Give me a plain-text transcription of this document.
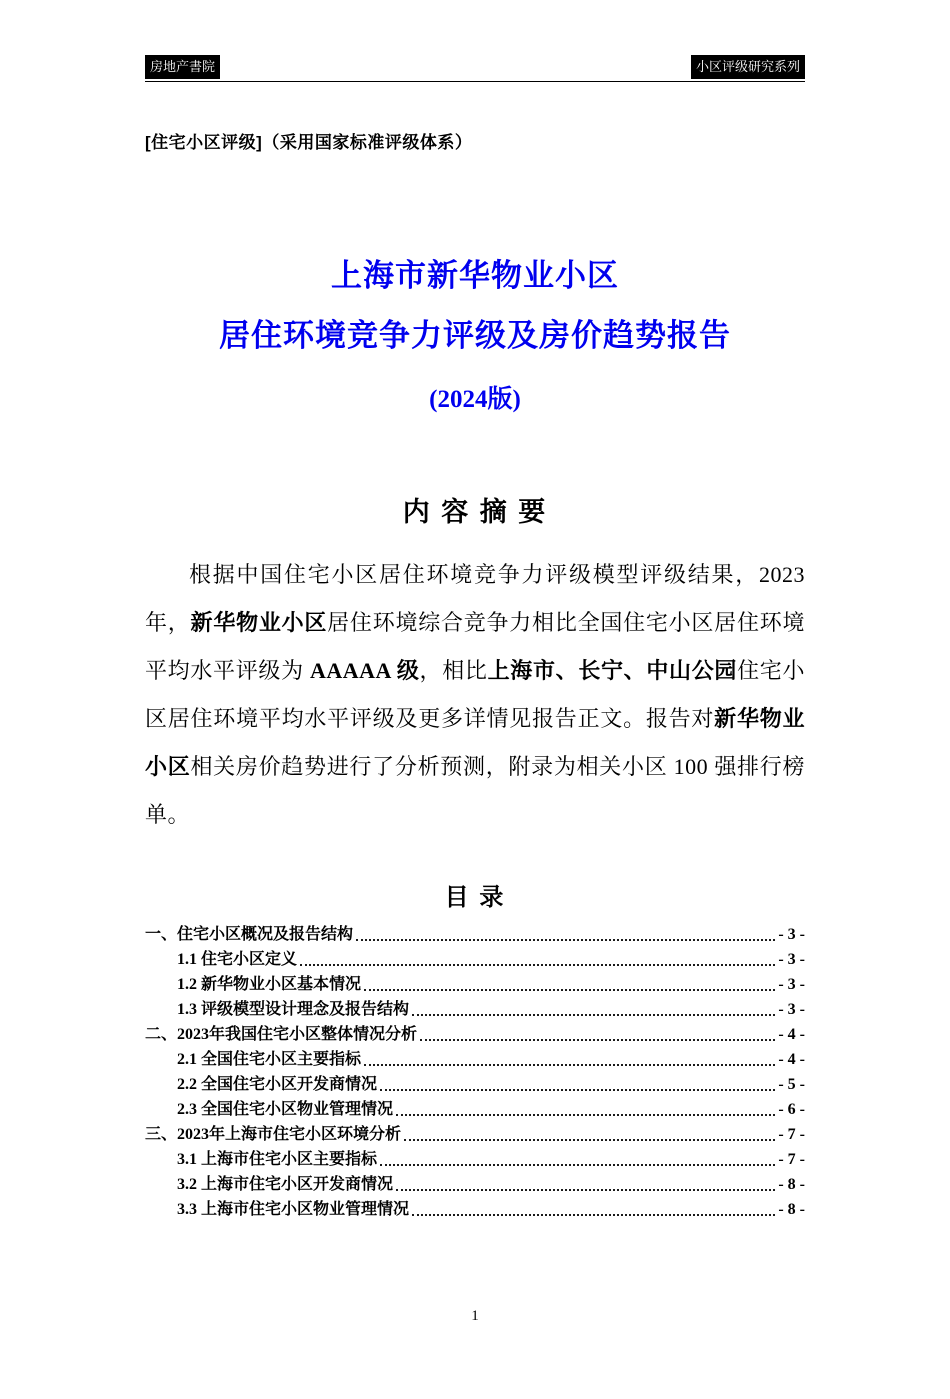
房地产書院	小区评级研究系列
[住宅小区评级]（采用国家标准评级体系）
上海市新华物业小区
居住环境竞争力评级及房价趋势报告
(2024版)
内 容 摘 要

根据中国住宅小区居住环境竞争力评级模型评级结果，2023 年，新华物业小区居住环境综合竞争力相比全国住宅小区居住环境平均水平评级为 AAAAA 级，相比上海市、长宁、中山公园住宅小区居住环境平均水平评级及更多详情见报告正文。报告对新华物业小区相关房价趋势进行了分析预测，附录为相关小区 100 强排行榜单。

目 录
一、住宅小区概况及报告结构	- 3 -
1.1 住宅小区定义	- 3 -
1.2 新华物业小区基本情况	- 3 -
1.3 评级模型设计理念及报告结构	- 3 -
二、2023年我国住宅小区整体情况分析	- 4 -
2.1 全国住宅小区主要指标	- 4 -
2.2 全国住宅小区开发商情况	- 5 -
2.3 全国住宅小区物业管理情况	- 6 -
三、2023年上海市住宅小区环境分析	- 7 -
3.1 上海市住宅小区主要指标	- 7 -
3.2 上海市住宅小区开发商情况	- 8 -
3.3 上海市住宅小区物业管理情况	- 8 -
1
